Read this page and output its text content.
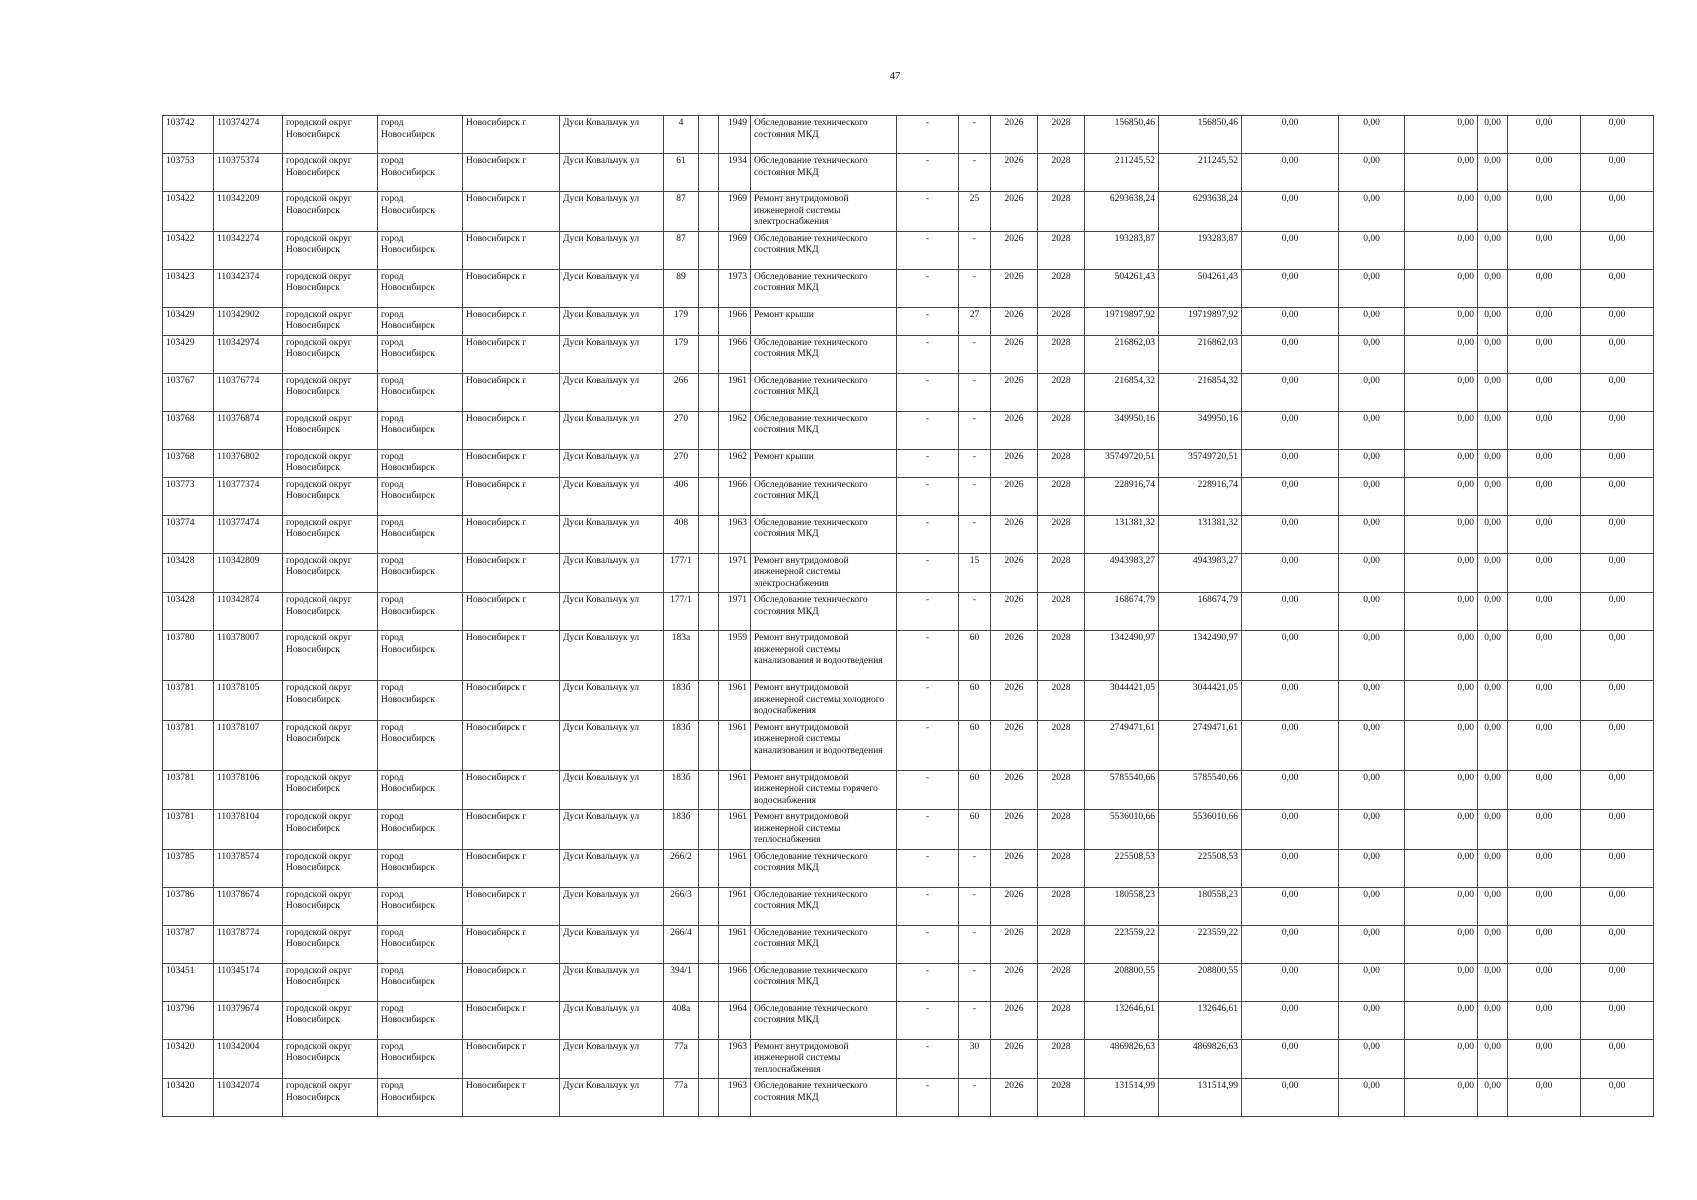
47
103742	110374274	городской округ Новосибирск	город Новосибирск	Новосибирск г	Дуси Ковальчук ул	4		1949	Обследование технического состояния МКД	-	-	2026	2028	156850,46	156850,46	0,00	0,00	0,00	0,00	0,00	0,00
103753	110375374	городской округ Новосибирск	город Новосибирск	Новосибирск г	Дуси Ковальчук ул	61		1934	Обследование технического состояния МКД	-	-	2026	2028	211245,52	211245,52	0,00	0,00	0,00	0,00	0,00	0,00
103422	110342209	городской округ Новосибирск	город Новосибирск	Новосибирск г	Дуси Ковальчук ул	87		1969	Ремонт внутридомовой инженерной системы электроснабжения	-	25	2026	2028	6293638,24	6293638,24	0,00	0,00	0,00	0,00	0,00	0,00
103422	110342274	городской округ Новосибирск	город Новосибирск	Новосибирск г	Дуси Ковальчук ул	87		1969	Обследование технического состояния МКД	-	-	2026	2028	193283,87	193283,87	0,00	0,00	0,00	0,00	0,00	0,00
103423	110342374	городской округ Новосибирск	город Новосибирск	Новосибирск г	Дуси Ковальчук ул	89		1973	Обследование технического состояния МКД	-	-	2026	2028	504261,43	504261,43	0,00	0,00	0,00	0,00	0,00	0,00
103429	110342902	городской округ Новосибирск	город Новосибирск	Новосибирск г	Дуси Ковальчук ул	179		1966	Ремонт крыши	-	27	2026	2028	19719897,92	19719897,92	0,00	0,00	0,00	0,00	0,00	0,00
103429	110342974	городской округ Новосибирск	город Новосибирск	Новосибирск г	Дуси Ковальчук ул	179		1966	Обследование технического состояния МКД	-	-	2026	2028	216862,03	216862,03	0,00	0,00	0,00	0,00	0,00	0,00
103767	110376774	городской округ Новосибирск	город Новосибирск	Новосибирск г	Дуси Ковальчук ул	266		1961	Обследование технического состояния МКД	-	-	2026	2028	216854,32	216854,32	0,00	0,00	0,00	0,00	0,00	0,00
103768	110376874	городской округ Новосибирск	город Новосибирск	Новосибирск г	Дуси Ковальчук ул	270		1962	Обследование технического состояния МКД	-	-	2026	2028	349950,16	349950,16	0,00	0,00	0,00	0,00	0,00	0,00
103768	110376802	городской округ Новосибирск	город Новосибирск	Новосибирск г	Дуси Ковальчук ул	270		1962	Ремонт крыши	-	-	2026	2028	35749720,51	35749720,51	0,00	0,00	0,00	0,00	0,00	0,00
103773	110377374	городской округ Новосибирск	город Новосибирск	Новосибирск г	Дуси Ковальчук ул	406		1966	Обследование технического состояния МКД	-	-	2026	2028	228916,74	228916,74	0,00	0,00	0,00	0,00	0,00	0,00
103774	110377474	городской округ Новосибирск	город Новосибирск	Новосибирск г	Дуси Ковальчук ул	408		1963	Обследование технического состояния МКД	-	-	2026	2028	131381,32	131381,32	0,00	0,00	0,00	0,00	0,00	0,00
103428	110342809	городской округ Новосибирск	город Новосибирск	Новосибирск г	Дуси Ковальчук ул	177/1		1971	Ремонт внутридомовой инженерной системы электроснабжения	-	15	2026	2028	4943983,27	4943983,27	0,00	0,00	0,00	0,00	0,00	0,00
103428	110342874	городской округ Новосибирск	город Новосибирск	Новосибирск г	Дуси Ковальчук ул	177/1		1971	Обследование технического состояния МКД	-	-	2026	2028	168674,79	168674,79	0,00	0,00	0,00	0,00	0,00	0,00
103780	110378007	городской округ Новосибирск	город Новосибирск	Новосибирск г	Дуси Ковальчук ул	183а		1959	Ремонт внутридомовой инженерной системы канализования и водоотведения	-	60	2026	2028	1342490,97	1342490,97	0,00	0,00	0,00	0,00	0,00	0,00
103781	110378105	городской округ Новосибирск	город Новосибирск	Новосибирск г	Дуси Ковальчук ул	183б		1961	Ремонт внутридомовой инженерной системы холодного водоснабжения	-	60	2026	2028	3044421,05	3044421,05	0,00	0,00	0,00	0,00	0,00	0,00
103781	110378107	городской округ Новосибирск	город Новосибирск	Новосибирск г	Дуси Ковальчук ул	183б		1961	Ремонт внутридомовой инженерной системы канализования и водоотведения	-	60	2026	2028	2749471,61	2749471,61	0,00	0,00	0,00	0,00	0,00	0,00
103781	110378106	городской округ Новосибирск	город Новосибирск	Новосибирск г	Дуси Ковальчук ул	183б		1961	Ремонт внутридомовой инженерной системы горячего водоснабжения	-	60	2026	2028	5785540,66	5785540,66	0,00	0,00	0,00	0,00	0,00	0,00
103781	110378104	городской округ Новосибирск	город Новосибирск	Новосибирск г	Дуси Ковальчук ул	183б		1961	Ремонт внутридомовой инженерной системы теплоснабжения	-	60	2026	2028	5536010,66	5536010,66	0,00	0,00	0,00	0,00	0,00	0,00
103785	110378574	городской округ Новосибирск	город Новосибирск	Новосибирск г	Дуси Ковальчук ул	266/2		1961	Обследование технического состояния МКД	-	-	2026	2028	225508,53	225508,53	0,00	0,00	0,00	0,00	0,00	0,00
103786	110378674	городской округ Новосибирск	город Новосибирск	Новосибирск г	Дуси Ковальчук ул	266/3		1961	Обследование технического состояния МКД	-	-	2026	2028	180558,23	180558,23	0,00	0,00	0,00	0,00	0,00	0,00
103787	110378774	городской округ Новосибирск	город Новосибирск	Новосибирск г	Дуси Ковальчук ул	266/4		1961	Обследование технического состояния МКД	-	-	2026	2028	223559,22	223559,22	0,00	0,00	0,00	0,00	0,00	0,00
103451	110345174	городской округ Новосибирск	город Новосибирск	Новосибирск г	Дуси Ковальчук ул	394/1		1966	Обследование технического состояния МКД	-	-	2026	2028	208800,55	208800,55	0,00	0,00	0,00	0,00	0,00	0,00
103796	110379674	городской округ Новосибирск	город Новосибирск	Новосибирск г	Дуси Ковальчук ул	408а		1964	Обследование технического состояния МКД	-	-	2026	2028	132646,61	132646,61	0,00	0,00	0,00	0,00	0,00	0,00
103420	110342004	городской округ Новосибирск	город Новосибирск	Новосибирск г	Дуси Ковальчук ул	77а		1963	Ремонт внутридомовой инженерной системы теплоснабжения	-	30	2026	2028	4869826,63	4869826,63	0,00	0,00	0,00	0,00	0,00	0,00
103420	110342074	городской округ Новосибирск	город Новосибирск	Новосибирск г	Дуси Ковальчук ул	77а		1963	Обследование технического состояния МКД	-	-	2026	2028	131514,99	131514,99	0,00	0,00	0,00	0,00	0,00	0,00
